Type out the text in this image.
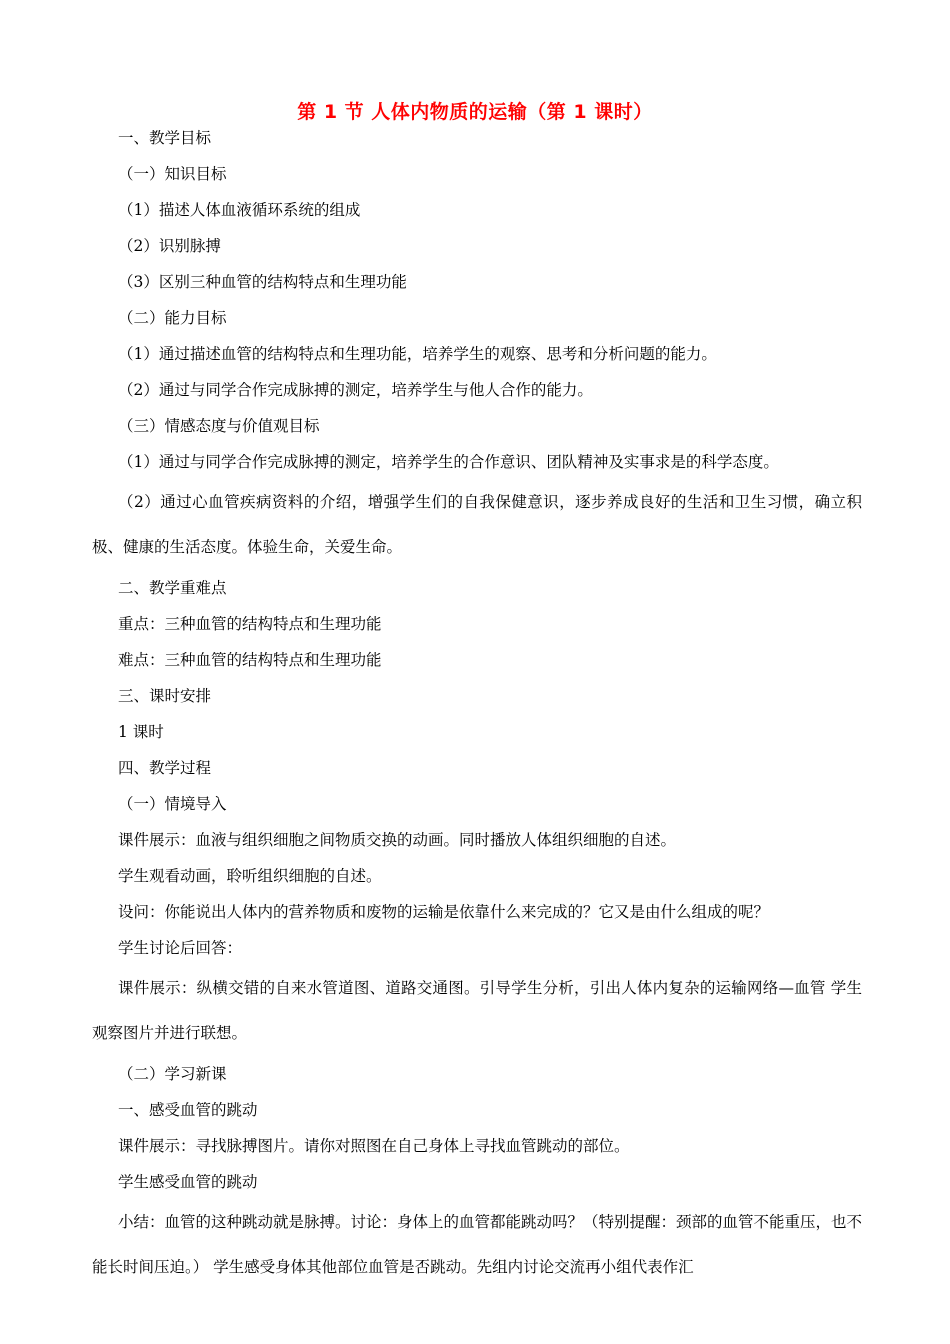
第 1 节 人体内物质的运输（第 1 课时）

一、教学目标

（一）知识目标

（1）描述人体血液循环系统的组成

（2）识别脉搏

（3）区别三种血管的结构特点和生理功能

（二）能力目标

（1）通过描述血管的结构特点和生理功能，培养学生的观察、思考和分析问题的能力。

（2）通过与同学合作完成脉搏的测定，培养学生与他人合作的能力。

（三）情感态度与价值观目标

（1）通过与同学合作完成脉搏的测定，培养学生的合作意识、团队精神及实事求是的科学态度。

（2）通过心血管疾病资料的介绍，增强学生们的自我保健意识，逐步养成良好的生活和卫生习惯，确立积极、健康的生活态度。体验生命，关爱生命。

二、教学重难点

重点：三种血管的结构特点和生理功能

难点：三种血管的结构特点和生理功能

三、课时安排

1 课时

四、教学过程

（一）情境导入

课件展示：血液与组织细胞之间物质交换的动画。同时播放人体组织细胞的自述。

学生观看动画，聆听组织细胞的自述。

设问：你能说出人体内的营养物质和废物的运输是依靠什么来完成的？它又是由什么组成的呢？

学生讨论后回答：

课件展示：纵横交错的自来水管道图、道路交通图。引导学生分析，引出人体内复杂的运输网络—血管 学生观察图片并进行联想。

（二）学习新课

一、感受血管的跳动

课件展示：寻找脉搏图片。请你对照图在自己身体上寻找血管跳动的部位。

学生感受血管的跳动

小结：血管的这种跳动就是脉搏。讨论：身体上的血管都能跳动吗？（特别提醒：颈部的血管不能重压，也不能长时间压迫。） 学生感受身体其他部位血管是否跳动。先组内讨论交流再小组代表作汇
